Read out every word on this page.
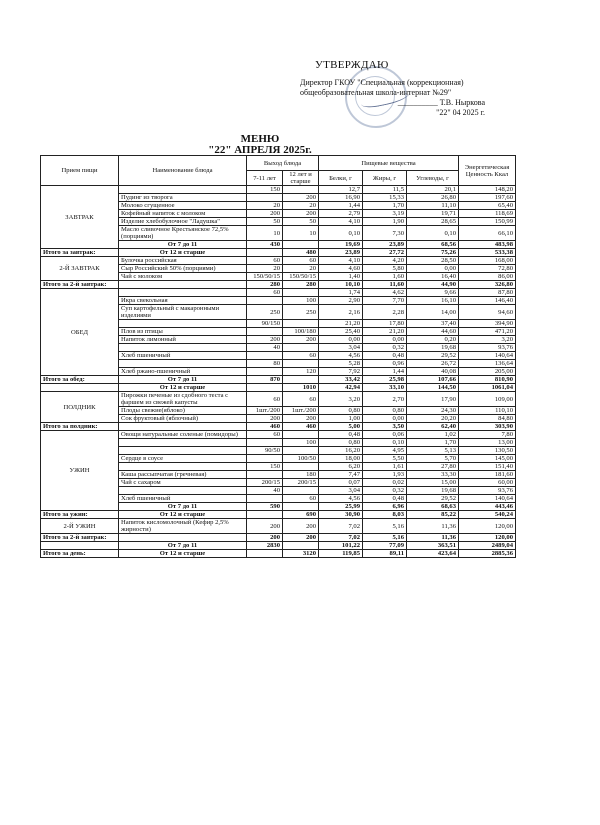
УТВЕРЖДАЮ
Директор ГКОУ "Специальная (коррекционная)
общеобразовательная школа-интернат №29"
__________ Т.В. Ныркова
"22" 04 2025 г.
МЕНЮ
"22" АПРЕЛЯ 2025г.
Прием пищи	Наименование блюда	Выход блюда		Пищевые вещества			Энергетическая Ценность Ккал
		7-11 лет	12 лет и старше	Белки, г	Жиры, г	Углеводы, г	
ЗАВТРАК		150		12,7	11,5	20,1	148,20
	Пудинг из творога		200	16,90	15,33	26,80	197,60
	Молоко сгущенное	20	20	1,44	1,70	11,10	65,40
	Кофейный напиток с молоком	200	200	2,79	3,19	19,71	118,69
	Изделие хлебобулочное "Ладушка"	50	50	4,10	1,90	28,65	150,99
	Масло сливочное Крестьянское 72,5% (порциями)	10	10	0,10	7,30	0,10	66,10
	От 7 до 11	430		19,69	23,89	68,56	483,98
Итого за завтрак:	От 12 и старше		480	23,89	27,72	75,26	533,38
2-Й ЗАВТРАК	Булочка российская	60	60	4,10	4,20	28,50	168,00
	Сыр Российский 50% (порциями)	20	20	4,60	5,80	0,00	72,80
	Чай с молоком	150/50/15	150/50/15	1,40	1,60	16,40	86,00
Итого за 2-й завтрак:		280	280	10,10	11,60	44,90	326,80
ОБЕД		60		1,74	4,62	9,66	87,80
	Икра свекольная		100	2,90	7,70	16,10	146,40
	Суп картофельный с макаронными изделиями	250	250	2,16	2,28	14,00	94,60
		90/150		21,20	17,80	37,40	394,90
	Плов из птицы		100/180	25,40	21,20	44,60	471,20
	Напиток лимонный	200	200	0,00	0,00	0,20	3,20
		40		3,04	0,32	19,68	93,76
	Хлеб пшеничный		60	4,56	0,48	29,52	140,64
		80		5,28	0,96	26,72	136,64
	Хлеб ржано-пшеничный		120	7,92	1,44	40,08	205,00
Итого за обед:	От 7 до 11	870		33,42	25,98	107,66	810,90
	От 12 и старше		1010	42,94	33,10	144,50	1061,04
ПОЛДНИК	Пирожки печеные из сдобного теста с фаршем из свежей капусты	60	60	3,20	2,70	17,90	109,00
	Плоды свежие(яблоко)	1шт./200	1шт./200	0,80	0,80	24,30	110,10
	Сок фруктовый (яблочный)	200	200	1,00	0,00	20,20	84,80
Итого за полдник:		460	460	5,00	3,50	62,40	303,90
УЖИН	Овощи натуральные соленые (помидоры)	60		0,48	0,06	1,02	7,80
			100	0,80	0,10	1,70	13,00
		90/50		16,20	4,95	5,13	130,50
	Сердце в соусе		100/50	18,00	5,50	5,70	145,00
		150		6,20	1,61	27,80	151,40
	Каша рассыпчатая (гречневая)		180	7,47	1,93	33,30	181,60
	Чай с сахаром	200/15	200/15	0,07	0,02	15,00	60,00
		40		3,04	0,32	19,68	93,76
	Хлеб пшеничный		60	4,56	0,48	29,52	140,64
	От 7 до 11	590		25,99	6,96	68,63	443,46
Итого за ужин:	От 12 и старше		690	30,90	8,03	85,22	540,24
2-Й УЖИН	Напиток кисломолочный (Кефир 2,5% жирности)	200	200	7,02	5,16	11,36	120,00
Итого за 2-й завтрак:		200	200	7,02	5,16	11,36	120,00
	От 7 до 11	2830		101,22	77,09	363,51	2489,04
Итого за день:	От 12 и старше		3120	119,85	89,11	423,64	2885,36
